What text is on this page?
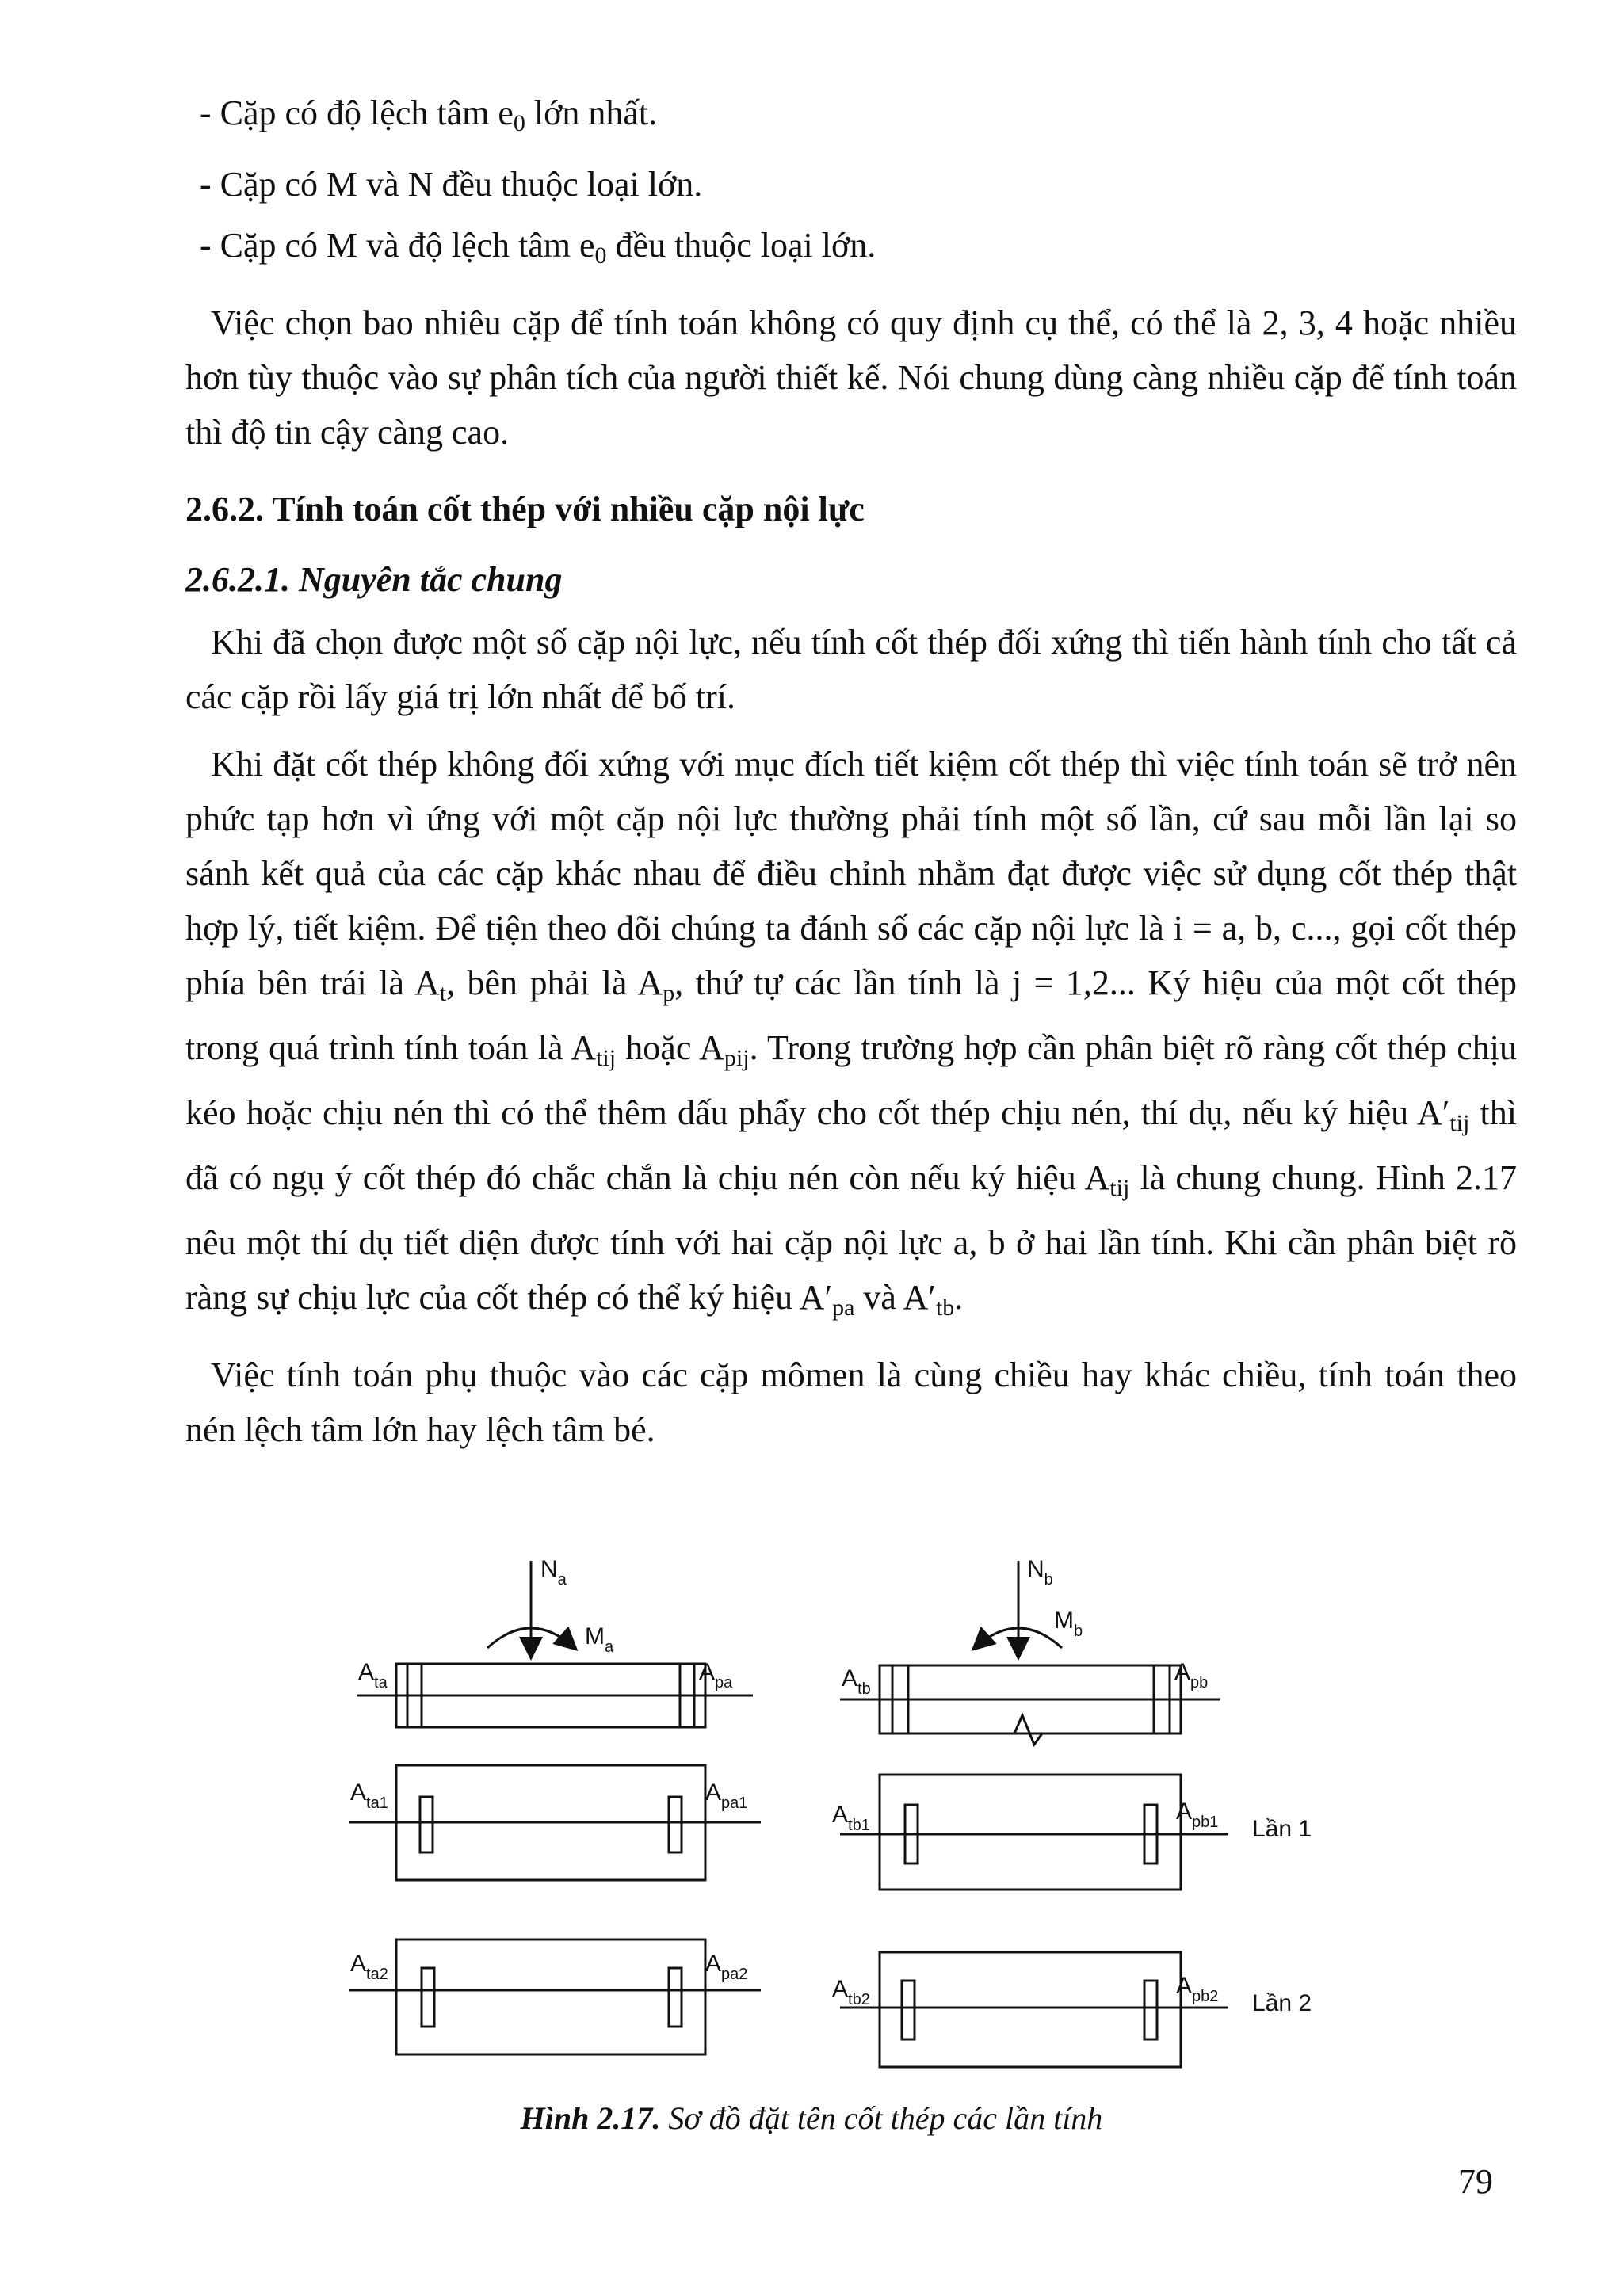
- Cặp có độ lệch tâm $e_0$ lớn nhất.
- Cặp có M và N đều thuộc loại lớn.
- Cặp có M và độ lệch tâm $e_0$ đều thuộc loại lớn.

Việc chọn bao nhiêu cặp để tính toán không có quy định cụ thể, có thể là 2, 3, 4 hoặc nhiều hơn tùy thuộc vào sự phân tích của người thiết kế. Nói chung dùng càng nhiều cặp để tính toán thì độ tin cậy càng cao.

2.6.2. Tính toán cốt thép với nhiều cặp nội lực

2.6.2.1. Nguyên tắc chung

Khi đã chọn được một số cặp nội lực, nếu tính cốt thép đối xứng thì tiến hành tính cho tất cả các cặp rồi lấy giá trị lớn nhất để bố trí.

Khi đặt cốt thép không đối xứng với mục đích tiết kiệm cốt thép thì việc tính toán sẽ trở nên phức tạp hơn vì ứng với một cặp nội lực thường phải tính một số lần, cứ sau mỗi lần lại so sánh kết quả của các cặp khác nhau để điều chỉnh nhằm đạt được việc sử dụng cốt thép thật hợp lý, tiết kiệm. Để tiện theo dõi chúng ta đánh số các cặp nội lực là i = a, b, c..., gọi cốt thép phía bên trái là $A_t$, bên phải là $A_p$, thứ tự các lần tính là j = 1,2... Ký hiệu của một cốt thép trong quá trình tính toán là $A_{tij}$ hoặc $A_{pij}$. Trong trường hợp cần phân biệt rõ ràng cốt thép chịu kéo hoặc chịu nén thì có thể thêm dấu phẩy cho cốt thép chịu nén, thí dụ, nếu ký hiệu $A'_{tij}$ thì đã có ngụ ý cốt thép đó chắc chắn là chịu nén còn nếu ký hiệu $A_{tij}$ là chung chung. Hình 2.17 nêu một thí dụ tiết diện được tính với hai cặp nội lực a, b ở hai lần tính. Khi cần phân biệt rõ ràng sự chịu lực của cốt thép có thể ký hiệu $A'_{pa}$ và $A'_{tb}$.

Việc tính toán phụ thuộc vào các cặp mômen là cùng chiều hay khác chiều, tính toán theo nén lệch tâm lớn hay lệch tâm bé.

$N_a$
$M_a$
$A_{ta}$	$A_{pa}$
$A_{ta1}$	$A_{pa1}$
$A_{ta2}$	$A_{pa2}$
$N_b$
$M_b$
$A_{tb}$
$A_{pb}$
$A_{tb1}$
$A_{pb1}$
$A_{tb2}$
$A_{pb2}$
Lần 1
Lần 2
Hình 2.17. Sơ đồ đặt tên cốt thép các lần tính
79
